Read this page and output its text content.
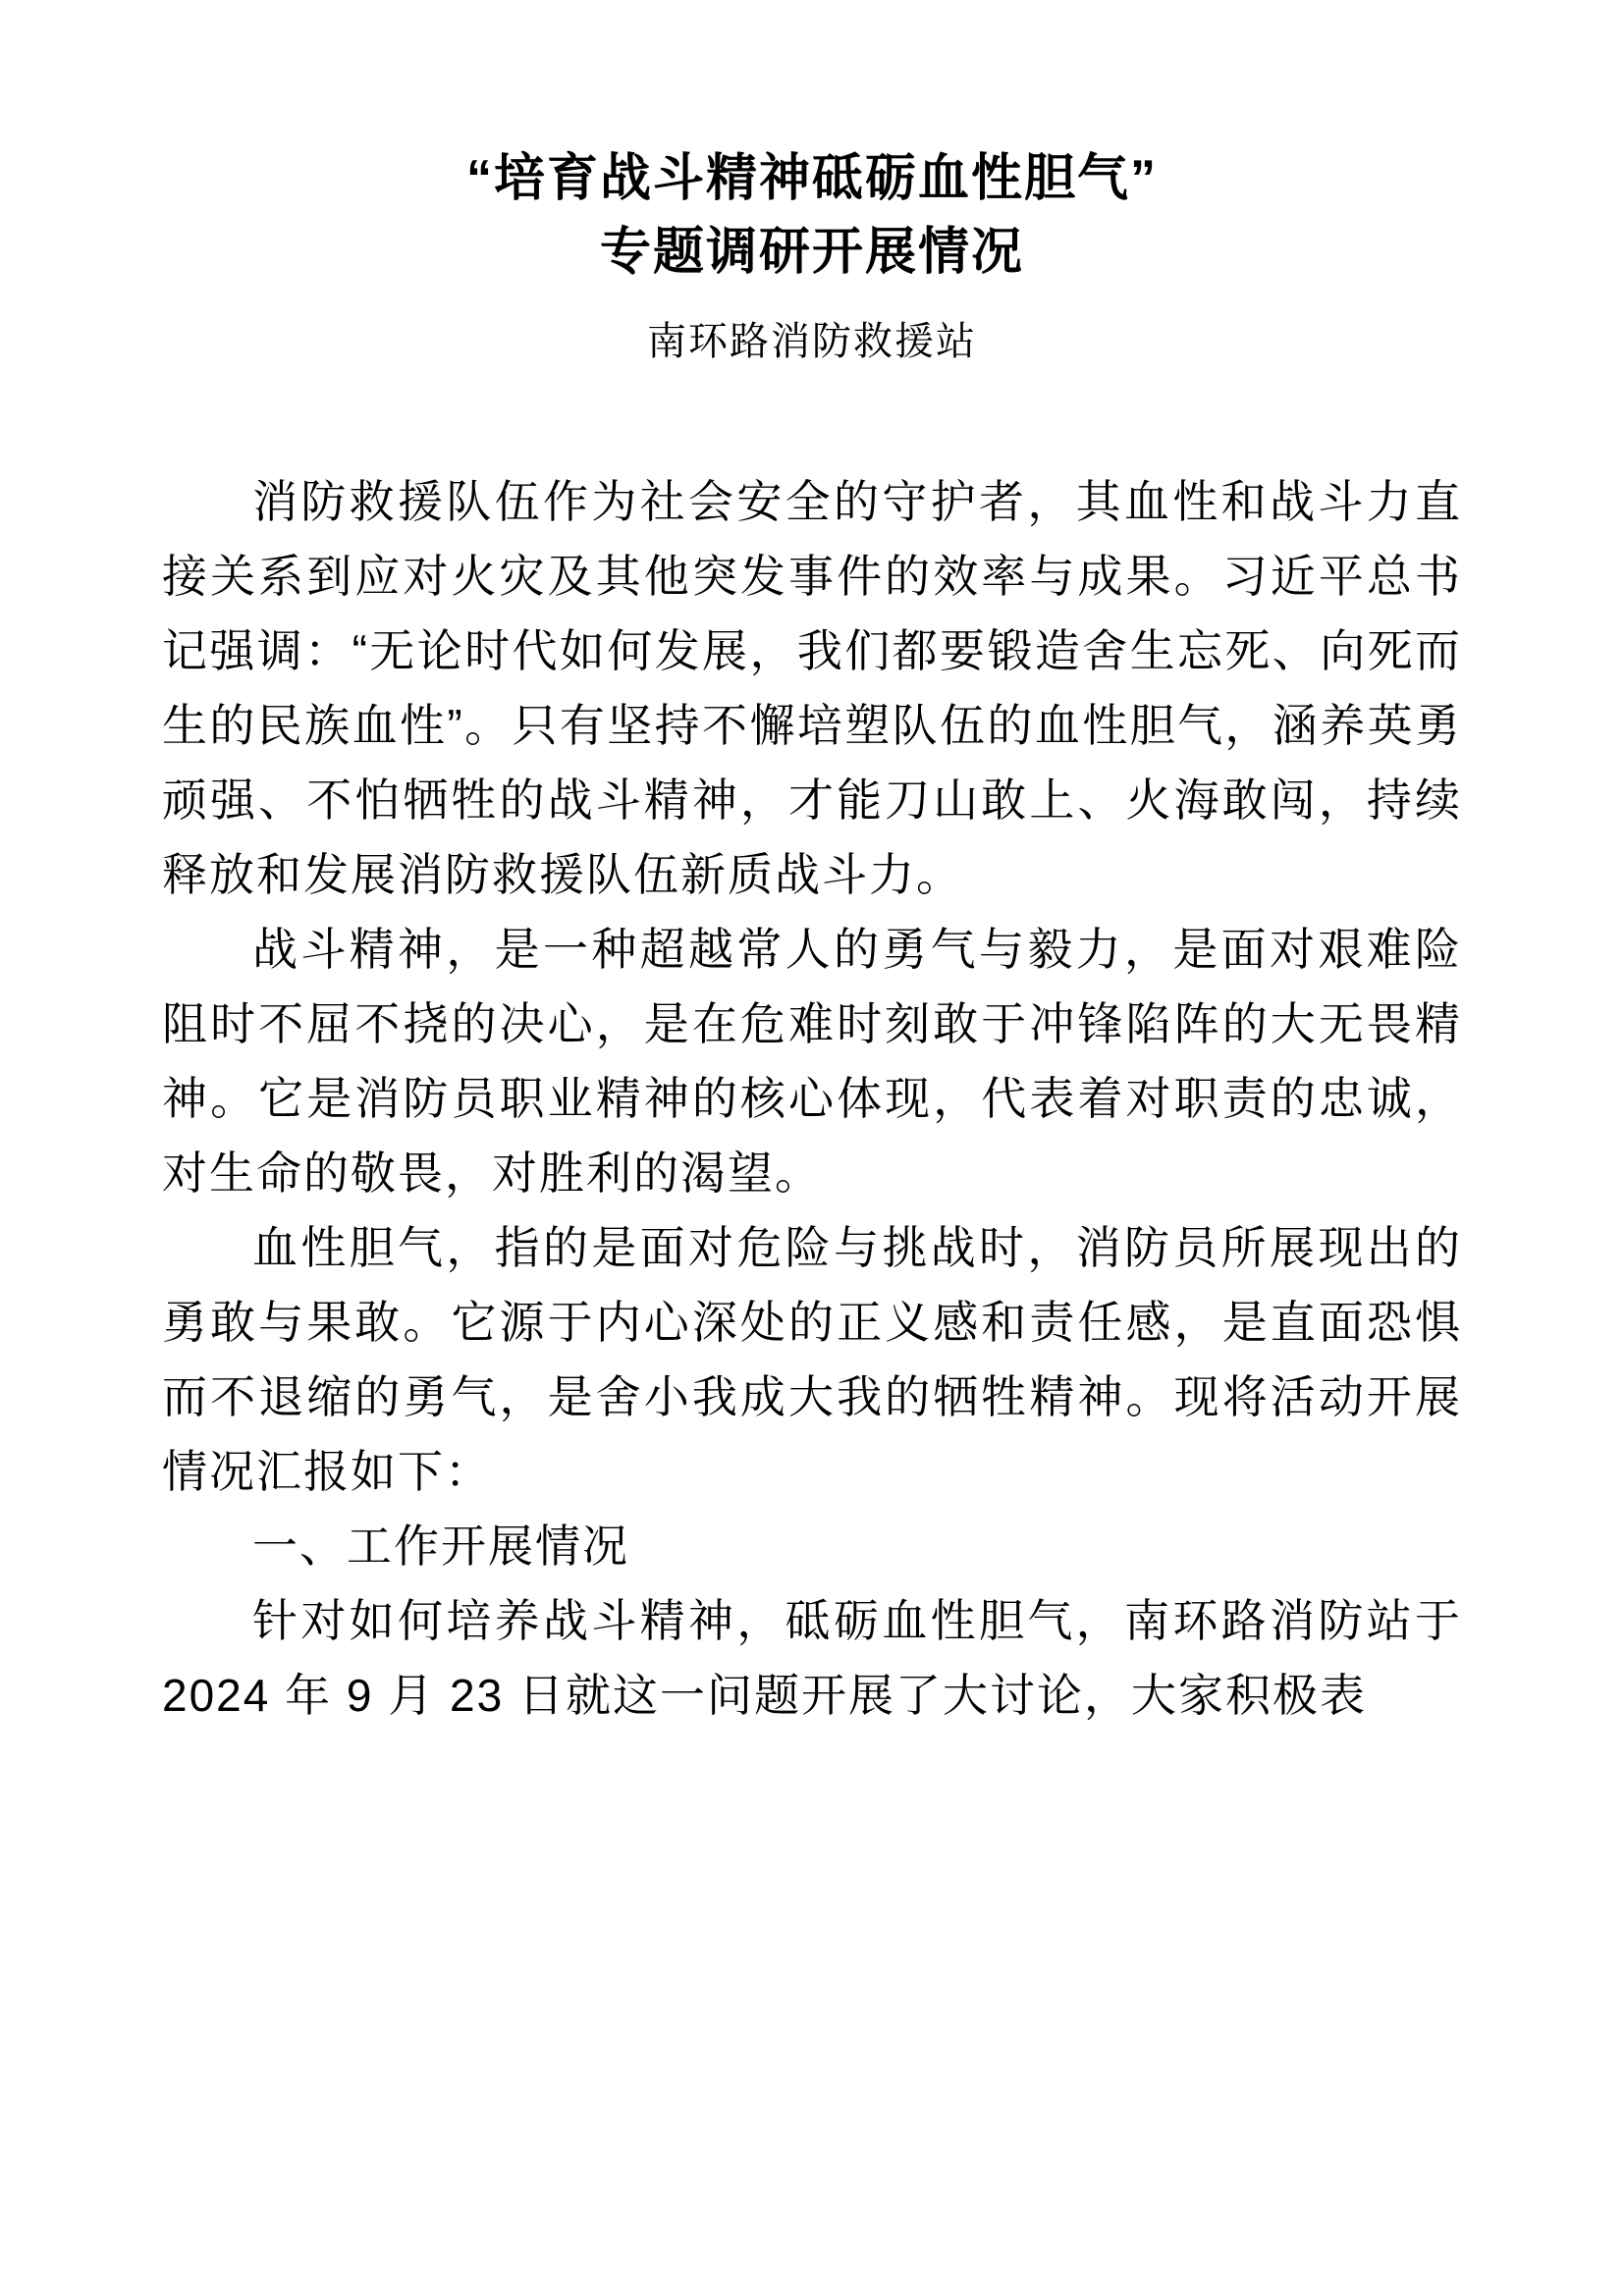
“培育战斗精神砥砺血性胆气”
专题调研开展情况
南环路消防救援站

消防救援队伍作为社会安全的守护者，其血性和战斗力直接关系到应对火灾及其他突发事件的效率与成果。习近平总书记强调：“无论时代如何发展，我们都要锻造舍生忘死、向死而生的民族血性”。只有坚持不懈培塑队伍的血性胆气，涵养英勇顽强、不怕牺牲的战斗精神，才能刀山敢上、火海敢闯，持续释放和发展消防救援队伍新质战斗力。

战斗精神，是一种超越常人的勇气与毅力，是面对艰难险阻时不屈不挠的决心，是在危难时刻敢于冲锋陷阵的大无畏精神。它是消防员职业精神的核心体现，代表着对职责的忠诚，对生命的敬畏，对胜利的渴望。

血性胆气，指的是面对危险与挑战时，消防员所展现出的勇敢与果敢。它源于内心深处的正义感和责任感，是直面恐惧而不退缩的勇气，是舍小我成大我的牺牲精神。现将活动开展情况汇报如下：

一、工作开展情况

针对如何培养战斗精神，砥砺血性胆气，南环路消防站于 2024 年 9 月 23 日就这一问题开展了大讨论，大家积极表
